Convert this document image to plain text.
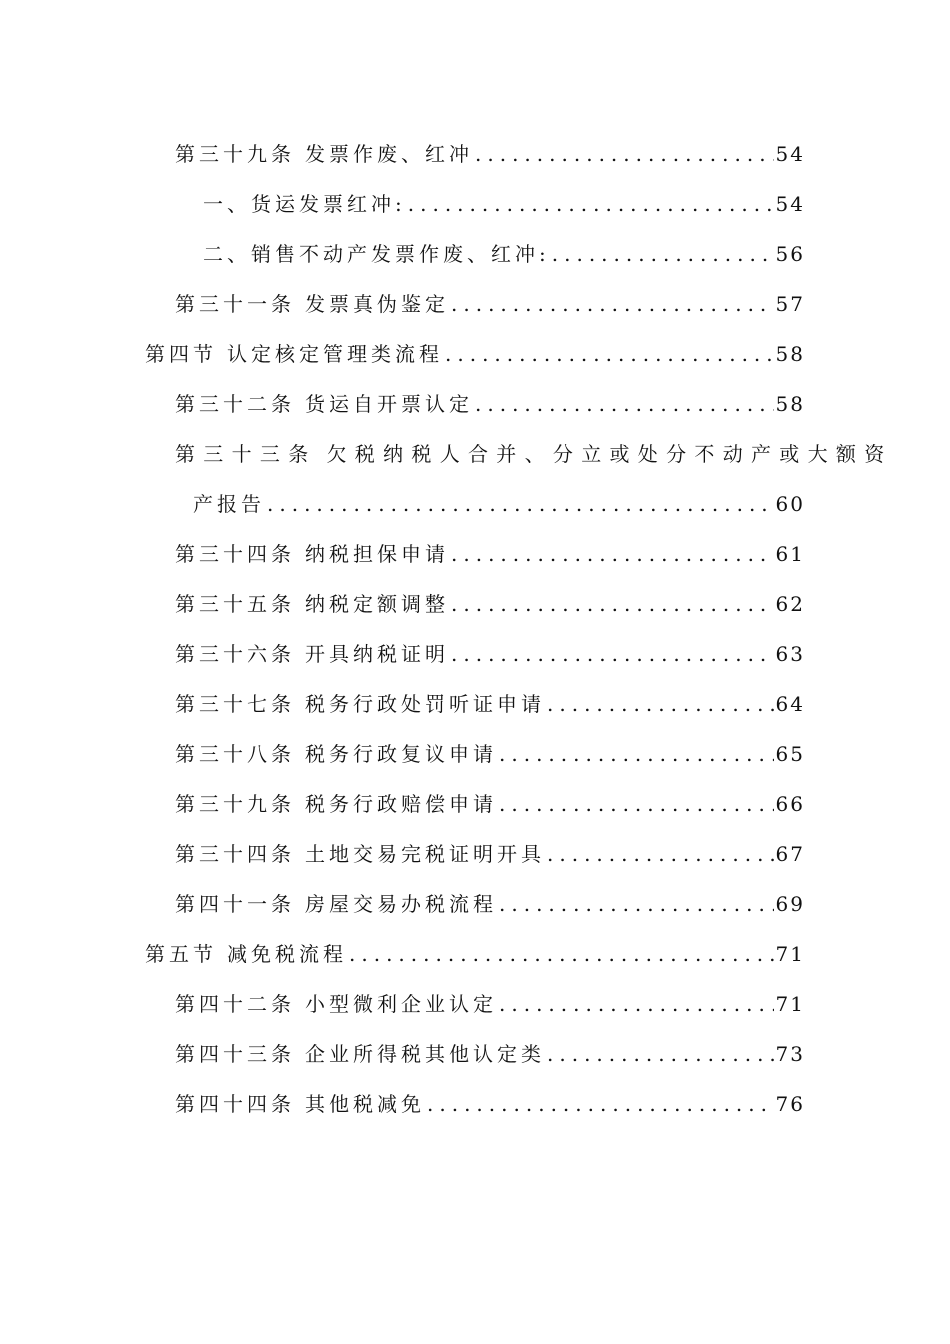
第三十九条 发票作废、红冲 .....	54
一、货运发票红冲: .....	54
二、销售不动产发票作废、红冲: .....	56
第三十一条 发票真伪鉴定 .....	57
第四节 认定核定管理类流程 .....	58
第三十二条 货运自开票认定 .....	58
第三十三条 欠税纳税人合并、分立或处分不动产或大额资
产报告 .....	60
第三十四条 纳税担保申请 .....	61
第三十五条 纳税定额调整 .....	62
第三十六条 开具纳税证明 .....	63
第三十七条 税务行政处罚听证申请 .....	64
第三十八条 税务行政复议申请 .....	65
第三十九条 税务行政赔偿申请 .....	66
第三十四条 土地交易完税证明开具 .....	67
第四十一条 房屋交易办税流程 .....	69
第五节 减免税流程 .....	71
第四十二条 小型微利企业认定 .....	71
第四十三条 企业所得税其他认定类 .....	73
第四十四条 其他税减免 .....	76
